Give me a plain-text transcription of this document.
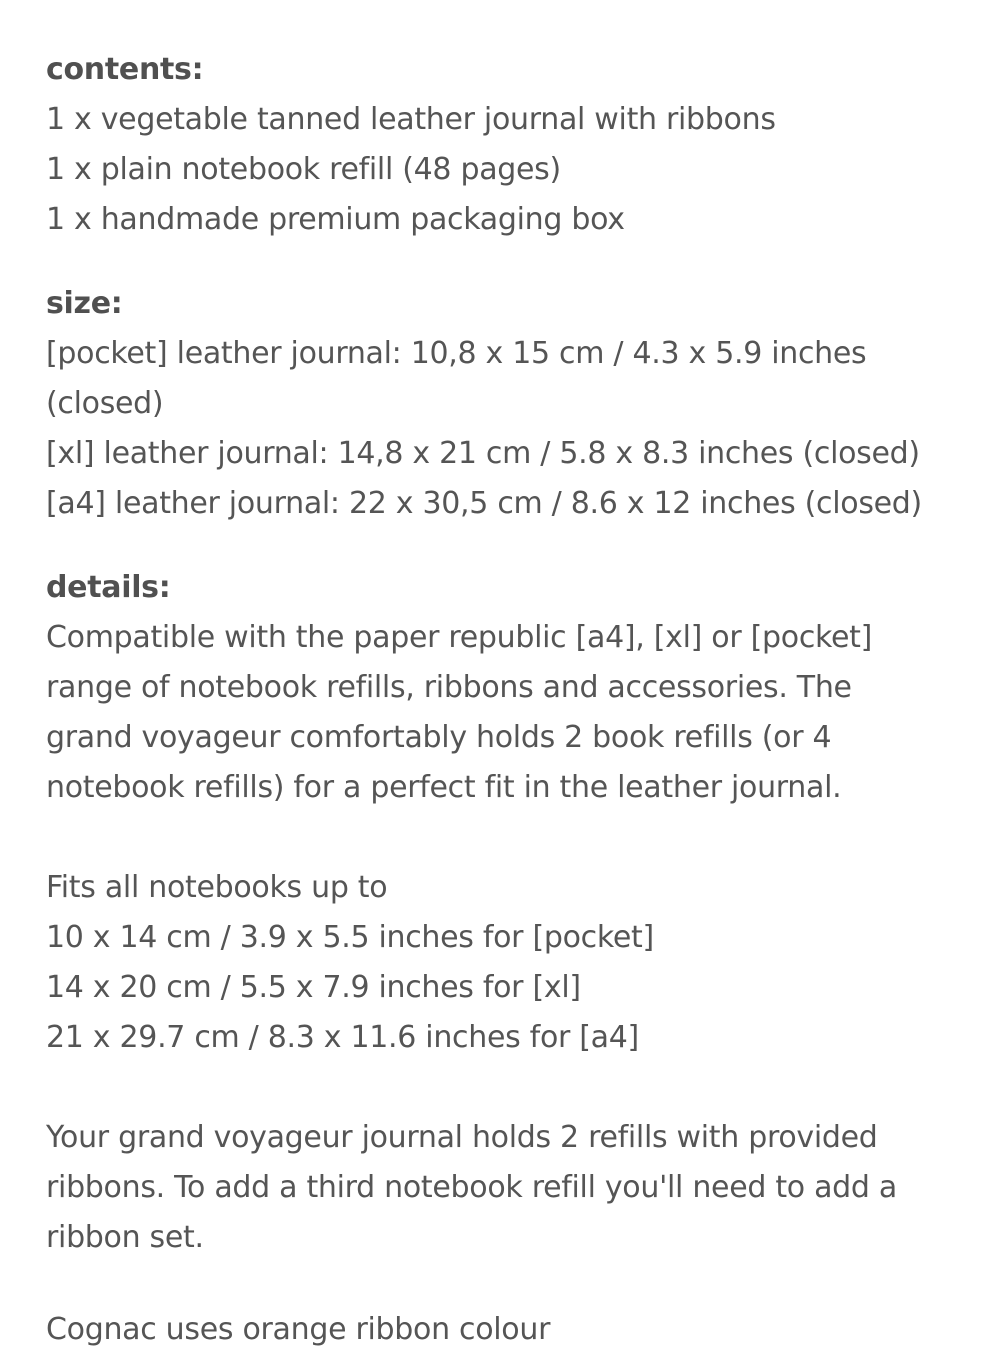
contents:
1 x vegetable tanned leather journal with ribbons
1 x plain notebook refill (48 pages)
1 x handmade premium packaging box
size:
[pocket] leather journal: 10,8 x 15 cm / 4.3 x 5.9 inches
(closed)
[xl] leather journal: 14,8 x 21 cm / 5.8 x 8.3 inches (closed)
[a4] leather journal: 22 x 30,5 cm / 8.6 x 12 inches (closed)
details:
Compatible with the paper republic [a4], [xl] or [pocket]
range of notebook refills, ribbons and accessories. The
grand voyageur comfortably holds 2 book refills (or 4
notebook refills) for a perfect fit in the leather journal.
Fits all notebooks up to
10 x 14 cm / 3.9 x 5.5 inches for [pocket]
14 x 20 cm / 5.5 x 7.9 inches for [xl]
21 x 29.7 cm / 8.3 x 11.6 inches for [a4]
Your grand voyageur journal holds 2 refills with provided
ribbons. To add a third notebook refill you'll need to add a
ribbon set.
Cognac uses orange ribbon colour
